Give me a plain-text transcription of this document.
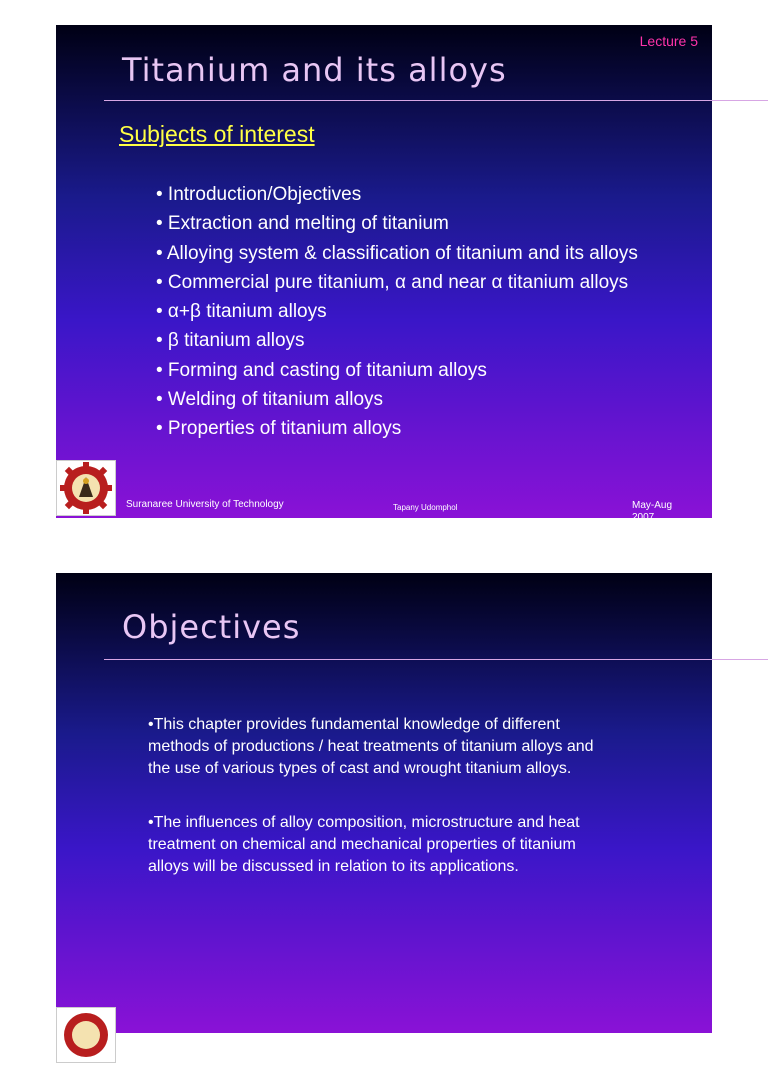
Lecture 5
Titanium and its alloys
Subjects of interest
• Introduction/Objectives
• Extraction and melting of titanium
• Alloying system & classification of titanium and its alloys
• Commercial pure titanium, α and near α titanium alloys
• α+β titanium alloys
• β titanium alloys
• Forming and casting of titanium alloys
• Welding of titanium alloys
• Properties of titanium alloys
Suranaree University of Technology	Tapany Udomphol	May-Aug
2007
Objectives

•This chapter provides fundamental knowledge of different methods of productions / heat treatments of titanium alloys and the use of various types of cast and wrought titanium alloys.

•The influences of alloy composition, microstructure and heat treatment on chemical and mechanical properties of titanium alloys will be discussed in relation to its applications.
